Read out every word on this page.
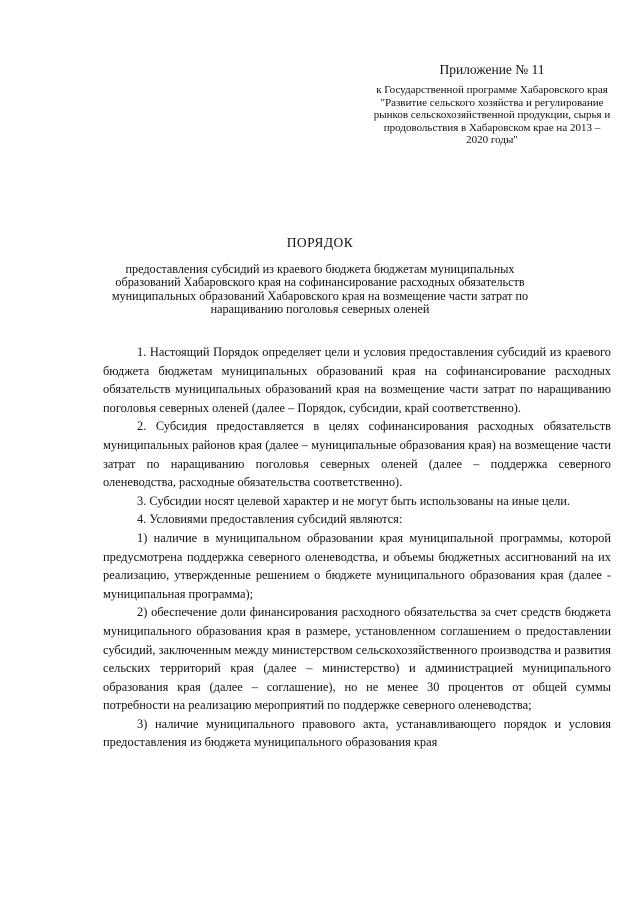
Приложение № 11

к Государственной программе Хабаровского края "Развитие сельского хозяйства и регулирование рынков сельскохозяйственной продукции, сырья и продовольствия в Хабаровском крае на 2013 – 2020 годы"

ПОРЯДОК

предоставления субсидий из краевого бюджета бюджетам муниципальных образований Хабаровского края на софинансирование расходных обязательств муниципальных образований Хабаровского края на возмещение части затрат по наращиванию поголовья северных оленей

1. Настоящий Порядок определяет цели и условия предоставления субсидий из краевого бюджета бюджетам муниципальных образований края на софинансирование расходных обязательств муниципальных образований края на возмещение части затрат по наращиванию поголовья северных оленей (далее – Порядок, субсидии, край соответственно).

2. Субсидия предоставляется в целях софинансирования расходных обязательств муниципальных районов края (далее – муниципальные образования края) на возмещение части затрат по наращиванию поголовья северных оленей (далее – поддержка северного оленеводства, расходные обязательства соответственно).

3. Субсидии носят целевой характер и не могут быть использованы на иные цели.

4. Условиями предоставления субсидий являются:

1) наличие в муниципальном образовании края муниципальной программы, которой предусмотрена поддержка северного оленеводства, и объемы бюджетных ассигнований на их реализацию, утвержденные решением о бюджете муниципального образования края (далее - муниципальная программа);

2) обеспечение доли финансирования расходного обязательства за счет средств бюджета муниципального образования края в размере, установленном соглашением о предоставлении субсидий, заключенным между министерством сельскохозяйственного производства и развития сельских территорий края (далее – министерство) и администрацией муниципального образования края (далее – соглашение), но не менее 30 процентов от общей суммы потребности на реализацию мероприятий по поддержке северного оленеводства;

3) наличие муниципального правового акта, устанавливающего порядок и условия предоставления из бюджета муниципального образования края
